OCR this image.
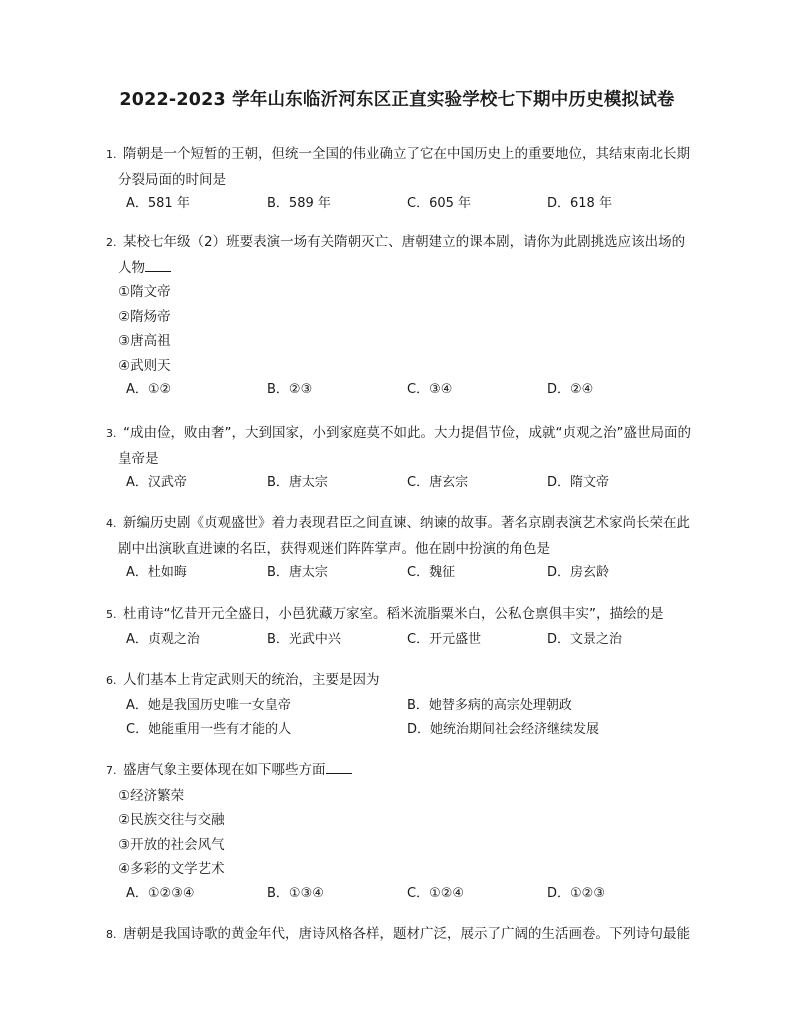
2022-2023 学年山东临沂河东区正直实验学校七下期中历史模拟试卷
1. 隋朝是一个短暂的王朝，但统一全国的伟业确立了它在中国历史上的重要地位，其结束南北长期
分裂局面的时间是
A．581 年	B．589 年	C．605 年	D．618 年
2. 某校七年级（2）班要表演一场有关隋朝灭亡、唐朝建立的课本剧，请你为此剧挑选应该出场的
人物
①隋文帝
②隋炀帝
③唐高祖
④武则天
A．①②	B．②③	C．③④	D．②④
3. “成由俭，败由奢”，大到国家，小到家庭莫不如此。大力提倡节俭，成就“贞观之治”盛世局面的
皇帝是
A．汉武帝	B．唐太宗	C．唐玄宗	D．隋文帝
4. 新编历史剧《贞观盛世》着力表现君臣之间直谏、纳谏的故事。著名京剧表演艺术家尚长荣在此
剧中出演耿直进谏的名臣，获得观迷们阵阵掌声。他在剧中扮演的角色是
A．杜如晦	B．唐太宗	C．魏征	D．房玄龄
5. 杜甫诗“忆昔开元全盛日，小邑犹藏万家室。稻米流脂粟米白，公私仓禀俱丰实”，描绘的是
A．贞观之治	B．光武中兴	C．开元盛世	D．文景之治
6. 人们基本上肯定武则天的统治，主要是因为
A．她是我国历史唯一女皇帝	B．她替多病的高宗处理朝政
C．她能重用一些有才能的人	D．她统治期间社会经济继续发展
7. 盛唐气象主要体现在如下哪些方面
①经济繁荣
②民族交往与交融
③开放的社会风气
④多彩的文学艺术
A．①②③④	B．①③④	C．①②④	D．①②③
8. 唐朝是我国诗歌的黄金年代，唐诗风格各样，题材广泛，展示了广阔的生活画卷。下列诗句最能
